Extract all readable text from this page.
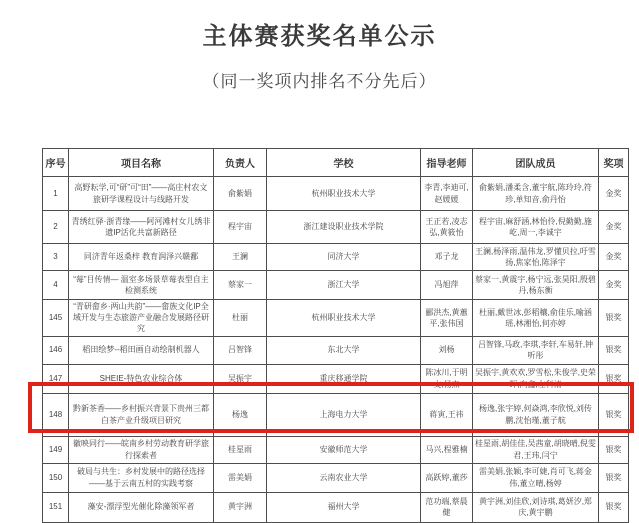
主体赛获奖名单公示

（同一奖项内排名不分先后）

序号	项目名称	负责人	学校	指导老师	团队成员	奖项
1	高野耘学,可“研”可“田”——高庄村农文旅研学课程设计与线路开发	俞紫娟	杭州职业技术大学	李青,李迪可,赵媛媛	俞紫娟,潘柔含,董宇航,陈玲玲,符珍,单知音,俞丹怡	金奖
2	青绣红驿·浙青缘——阿河滩村女儿绣非遗IP活化共富新路径	程宇宙	浙江建设职业技术学院	王正若,凌志弘,黄筱怡	程宇宙,麻舒涵,林怡伶,倪勤勤,施屹,周一,李诚宇	金奖
3	同济青年返桑梓 教育润泽兴赣鄱	王澜	同济大学	邓子龙	王澜,杨泽雨,温伟龙,罗懂贝拉,吁雪扬,焦家怡,陈泽宇	金奖
4	“莓”目传情— 温室多场景草莓表型自主检测系统	蔡家一	浙江大学	冯旭萍	蔡家一,黄震宇,杨宁远,张昊阳,殷碧丹,杨东衡	金奖
145	“青研畲乡·两山共韵”——畲族文化IP全域开发与生态旅游产业融合发展路径研究	杜丽	杭州职业技术大学	郦洪杰,黄蕙平,张伟国	杜丽,戴世冰,彭稻穰,俞佳乐,喻涵瑶,林湘怡,何亦婷	银奖
146	稻田绘梦--稻田画自动绘制机器人	吕智锋	东北大学	刘杨	吕智锋,马政,李琪,李轩,车易轩,钟听彤	银奖
147	SHEIE-特色农业综合体	吴振宇	重庆移通学院	陈冰川,于明文,杨杰	吴振宇,黄欢欢,罗雪松,朱俊学,史荣晖,向鑫,左科清	银奖
148	黔新茶香——乡村振兴背景下贵州三都白茶产业升级项目研究	杨逸	上海电力大学	蒋寅,王祎	杨逸,张宇婷,何焱鸿,李欣悦,刘传鹏,沈怡瑾,董子航	银奖
149	徽映同行——皖南乡村劳动教育研学旅行探索者	桂星雨	安徽师范大学	马兴,程雅楠	桂星雨,胡佳佳,吴茜童,胡晓晴,倪雯君,王玮,闫宁	银奖
150	破局与共生：乡村发展中的路径选择——基于云南五村的实践考察	雷美娟	云南农业大学	高跃婷,董莎	雷美娟,张颖,李可婕,肖可飞,蒋金伟,董立晴,杨婷	银奖
151	藻安-漂浮型光催化除藻领军者	黄宇洲	福州大学	范功端,蔡晨健	黄宇洲,刘佳欣,刘诗琪,葛妍汐,郑庆,黄宇鹏	银奖
